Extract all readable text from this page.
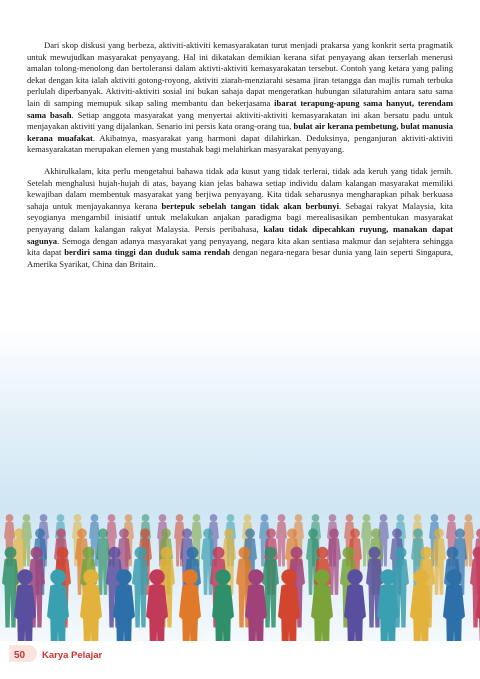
Dari skop diskusi yang berbeza, aktiviti-aktiviti kemasyarakatan turut menjadi prakarsa yang konkrit serta pragmatik untuk mewujudkan masyarakat penyayang. Hal ini dikatakan demikian kerana sifat penyayang akan terserlah menerusi amalan tolong-menolong dan bertoleransi dalam aktivti-aktiviti kemasyarakatan tersebut. Contoh yang ketara yang paling dekat dengan kita ialah aktiviti gotong-royong, aktiviti ziarah-menziarahi sesama jiran tetangga dan majlis rumah terbuka perlulah diperbanyak. Aktiviti-aktiviti sosial ini bukan sahaja dapat mengeratkan hubungan silaturahim antara satu sama lain di samping memupuk sikap saling membantu dan bekerjasama ibarat terapung-apung sama hanyut, terendam sama basah. Setiap anggota masyarakat yang menyertai aktiviti-aktiviti kemasyarakatan ini akan bersatu padu untuk menjayakan aktiviti yang dijalankan. Senario ini persis kata orang-orang tua, bulat air kerana pembetung, bulat manusia kerana muafakat. Akibatnya, masyarakat yang harmoni dapat dilahirkan. Deduksinya, penganjuran aktiviti-aktiviti kemasyarakatan merupakan elemen yang mustahak bagi melahirkan masyarakat penyayang.

Akhirulkalam, kita perlu mengetahui bahawa tidak ada kusut yang tidak terlerai, tidak ada keruh yang tidak jernih. Setelah menghalusi hujah-hujah di atas, bayang kian jelas bahawa setiap individu dalam kalangan masyarakat memiliki kewajiban dalam membentuk masyarakat yang berjiwa penyayang. Kita tidak seharusnya mengharapkan pihak berkuasa sahaja untuk menjayakannya kerana bertepuk sebelah tangan tidak akan berbunyi. Sebagai rakyat Malaysia, kita seyogianya mengambil inisiatif untuk melakukan anjakan paradigma bagi merealisasikan pembentukan masyarakat penyayang dalam kalangan rakyat Malaysia. Persis peribahasa, kalau tidak dipecahkan ruyung, manakan dapat sagunya. Semoga dengan adanya masyarakat yang penyayang, negara kita akan sentiasa makmur dan sejahtera sehingga kita dapat berdiri sama tinggi dan duduk sama rendah dengan negara-negara besar dunia yang lain seperti Singapura, Amerika Syarikat, China dan Britain.

50 Karya Pelajar
